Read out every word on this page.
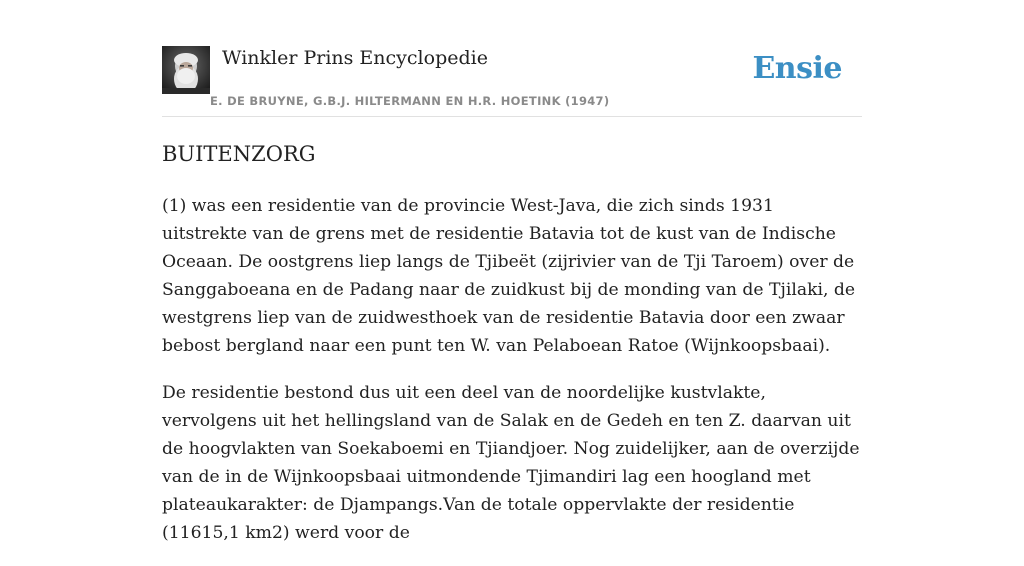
Winkler Prins Encyclopedie
E. DE BRUYNE, G.B.J. HILTERMANN EN H.R. HOETINK (1947)
Ensie
BUITENZORG

(1) was een residentie van de provincie West-Java, die zich sinds 1931 uitstrekte van de grens met de residentie Batavia tot de kust van de Indische Oceaan. De oostgrens liep langs de Tjibeët (zijrivier van de Tji Taroem) over de Sanggaboeana en de Padang naar de zuidkust bij de monding van de Tjilaki, de westgrens liep van de zuidwesthoek van de residentie Batavia door een zwaar bebost bergland naar een punt ten W. van Pelaboean Ratoe (Wijnkoopsbaai).

De residentie bestond dus uit een deel van de noordelijke kustvlakte, vervolgens uit het hellingsland van de Salak en de Gedeh en ten Z. daarvan uit de hoogvlakten van Soekaboemi en Tjiandjoer. Nog zuidelijker, aan de overzijde van de in de Wijnkoopsbaai uitmondende Tjimandiri lag een hoogland met plateaukarakter: de Djampangs.Van de totale oppervlakte der residentie (11615,1 km2) werd voor de
